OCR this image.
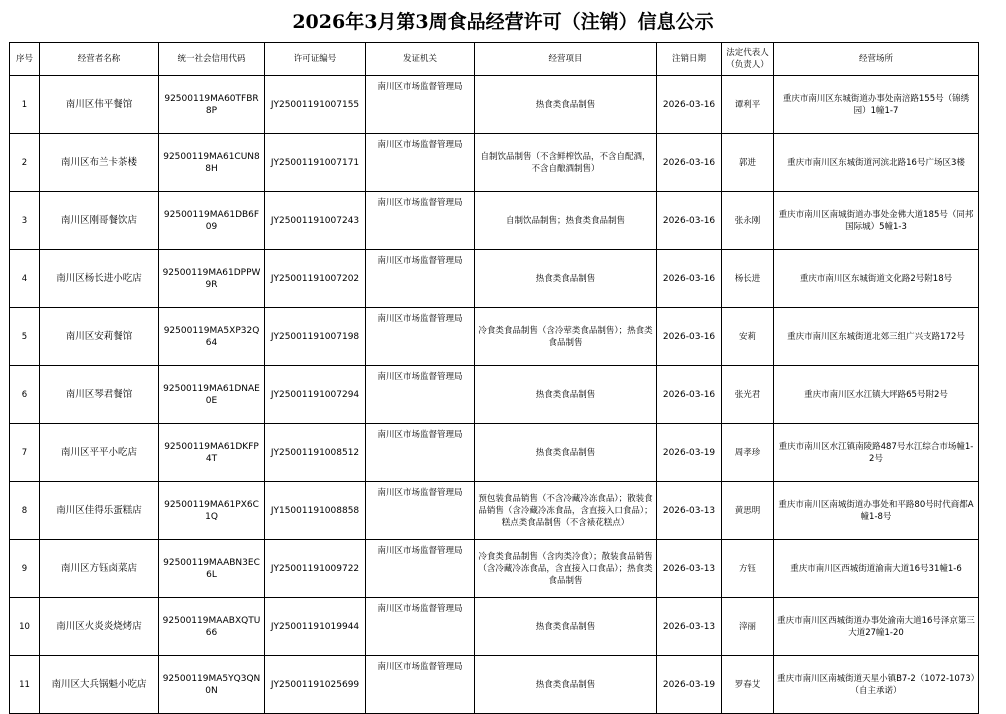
2026年3月第3周食品经营许可（注销）信息公示
序号	经营者名称	统一社会信用代码	许可证编号	发证机关	经营项目	注销日期	法定代表人（负责人）	经营场所
1	南川区伟平餐馆	92500119MA60TFBR8P	JY25001191007155	南川区市场监督管理局	热食类食品制售	2026-03-16	谭利平	重庆市南川区东城街道办事处南涪路155号（锦绣园）1幢1-7
2	南川区布兰卡茶楼	92500119MA61CUN88H	JY25001191007171	南川区市场监督管理局	自制饮品制售（不含鲜榨饮品，不含自配酒，不含自酿酒制售）	2026-03-16	郭进	重庆市南川区东城街道河滨北路16号广场区3楼
3	南川区刚哥餐饮店	92500119MA61DB6F09	JY25001191007243	南川区市场监督管理局	自制饮品制售；热食类食品制售	2026-03-16	张永刚	重庆市南川区南城街道办事处金佛大道185号（同邦国际城）5幢1-3
4	南川区杨长进小吃店	92500119MA61DPPW9R	JY25001191007202	南川区市场监督管理局	热食类食品制售	2026-03-16	杨长进	重庆市南川区东城街道文化路2号附18号
5	南川区安莉餐馆	92500119MA5XP32Q64	JY25001191007198	南川区市场监督管理局	冷食类食品制售（含冷荤类食品制售）；热食类食品制售	2026-03-16	安莉	重庆市南川区东城街道北郊三组广兴支路172号
6	南川区琴君餐馆	92500119MA61DNAE0E	JY25001191007294	南川区市场监督管理局	热食类食品制售	2026-03-16	张光君	重庆市南川区水江镇大坪路65号附2号
7	南川区平平小吃店	92500119MA61DKFP4T	JY25001191008512	南川区市场监督管理局	热食类食品制售	2026-03-19	周孝珍	重庆市南川区水江镇南陵路487号水江综合市场幢1-2号
8	南川区佳得乐蛋糕店	92500119MA61PX6C1Q	JY15001191008858	南川区市场监督管理局	预包装食品销售（不含冷藏冷冻食品）；散装食品销售（含冷藏冷冻食品，含直接入口食品）；糕点类食品制售（不含裱花糕点）	2026-03-13	黄思明	重庆市南川区南城街道办事处和平路80号时代商都A幢1-8号
9	南川区方钰卤菜店	92500119MAABN3EC6L	JY25001191009722	南川区市场监督管理局	冷食类食品制售（含肉类冷食）；散装食品销售（含冷藏冷冻食品，含直接入口食品）；热食类食品制售	2026-03-13	方钰	重庆市南川区西城街道渝南大道16号31幢1-6
10	南川区火炎炎烧烤店	92500119MAABXQTU66	JY25001191019944	南川区市场监督管理局	热食类食品制售	2026-03-13	滓丽	重庆市南川区西城街道办事处渝南大道16号泽京第三大道27幢1-20
11	南川区大兵锅魁小吃店	92500119MA5YQ3QN0N	JY25001191025699	南川区市场监督管理局	热食类食品制售	2026-03-19	罗春艾	重庆市南川区南城街道天星小镇B7-2（1072-1073）（自主承诺）
